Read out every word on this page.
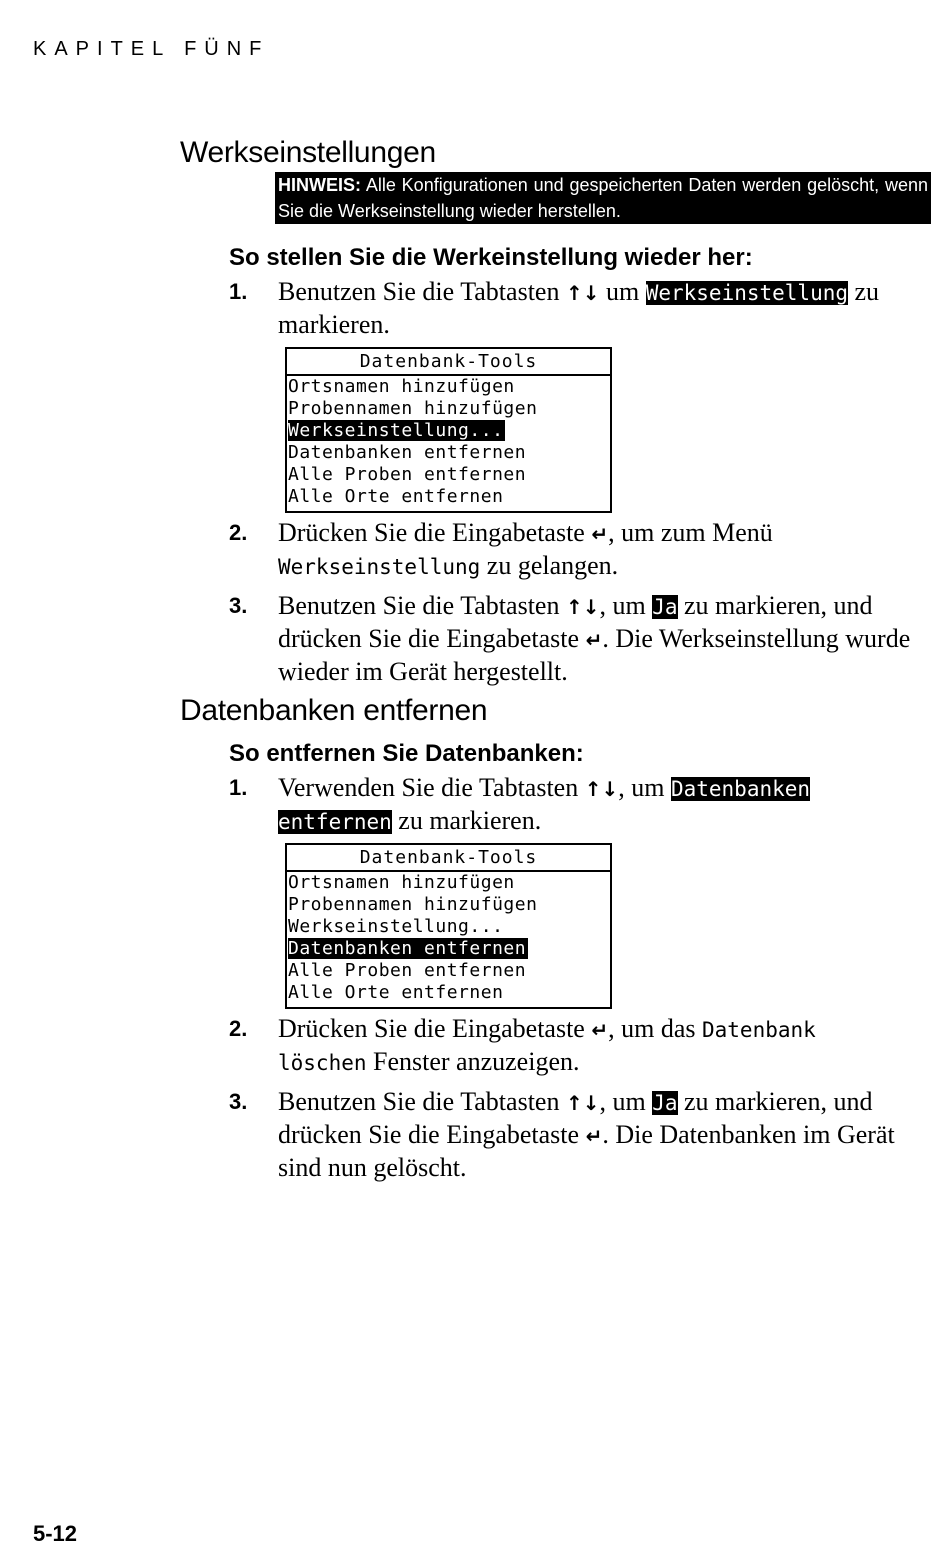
KAPITEL FÜNF
Werkseinstellungen
HINWEIS: Alle Konfigurationen und gespeicherten Daten werden gelöscht, wenn Sie die Werkseinstellung wieder herstellen.
So stellen Sie die Werkeinstellung wieder her:
1. Benutzen Sie die Tabtasten ↑↓ um Werkseinstellung zu markieren.
Datenbank-Tools
Ortsnamen hinzufügen
Probennamen hinzufügen
Werkseinstellung...
Datenbanken entfernen
Alle Proben entfernen
Alle Orte entfernen
2. Drücken Sie die Eingabetaste ↵, um zum Menü
Werkseinstellung zu gelangen.
3. Benutzen Sie die Tabtasten ↑↓, um Ja zu markieren, und drücken Sie die Eingabetaste ↵. Die Werkseinstellung wurde wieder im Gerät hergestellt.
Datenbanken entfernen
So entfernen Sie Datenbanken:
1. Verwenden Sie die Tabtasten ↑↓, um Datenbanken
entfernen zu markieren.
Datenbank-Tools
Ortsnamen hinzufügen
Probennamen hinzufügen
Werkseinstellung...
Datenbanken entfernen
Alle Proben entfernen
Alle Orte entfernen
2. Drücken Sie die Eingabetaste ↵, um das Datenbank
löschen Fenster anzuzeigen.
3. Benutzen Sie die Tabtasten ↑↓, um Ja zu markieren, und drücken Sie die Eingabetaste ↵. Die Datenbanken im Gerät sind nun gelöscht.
5-12
